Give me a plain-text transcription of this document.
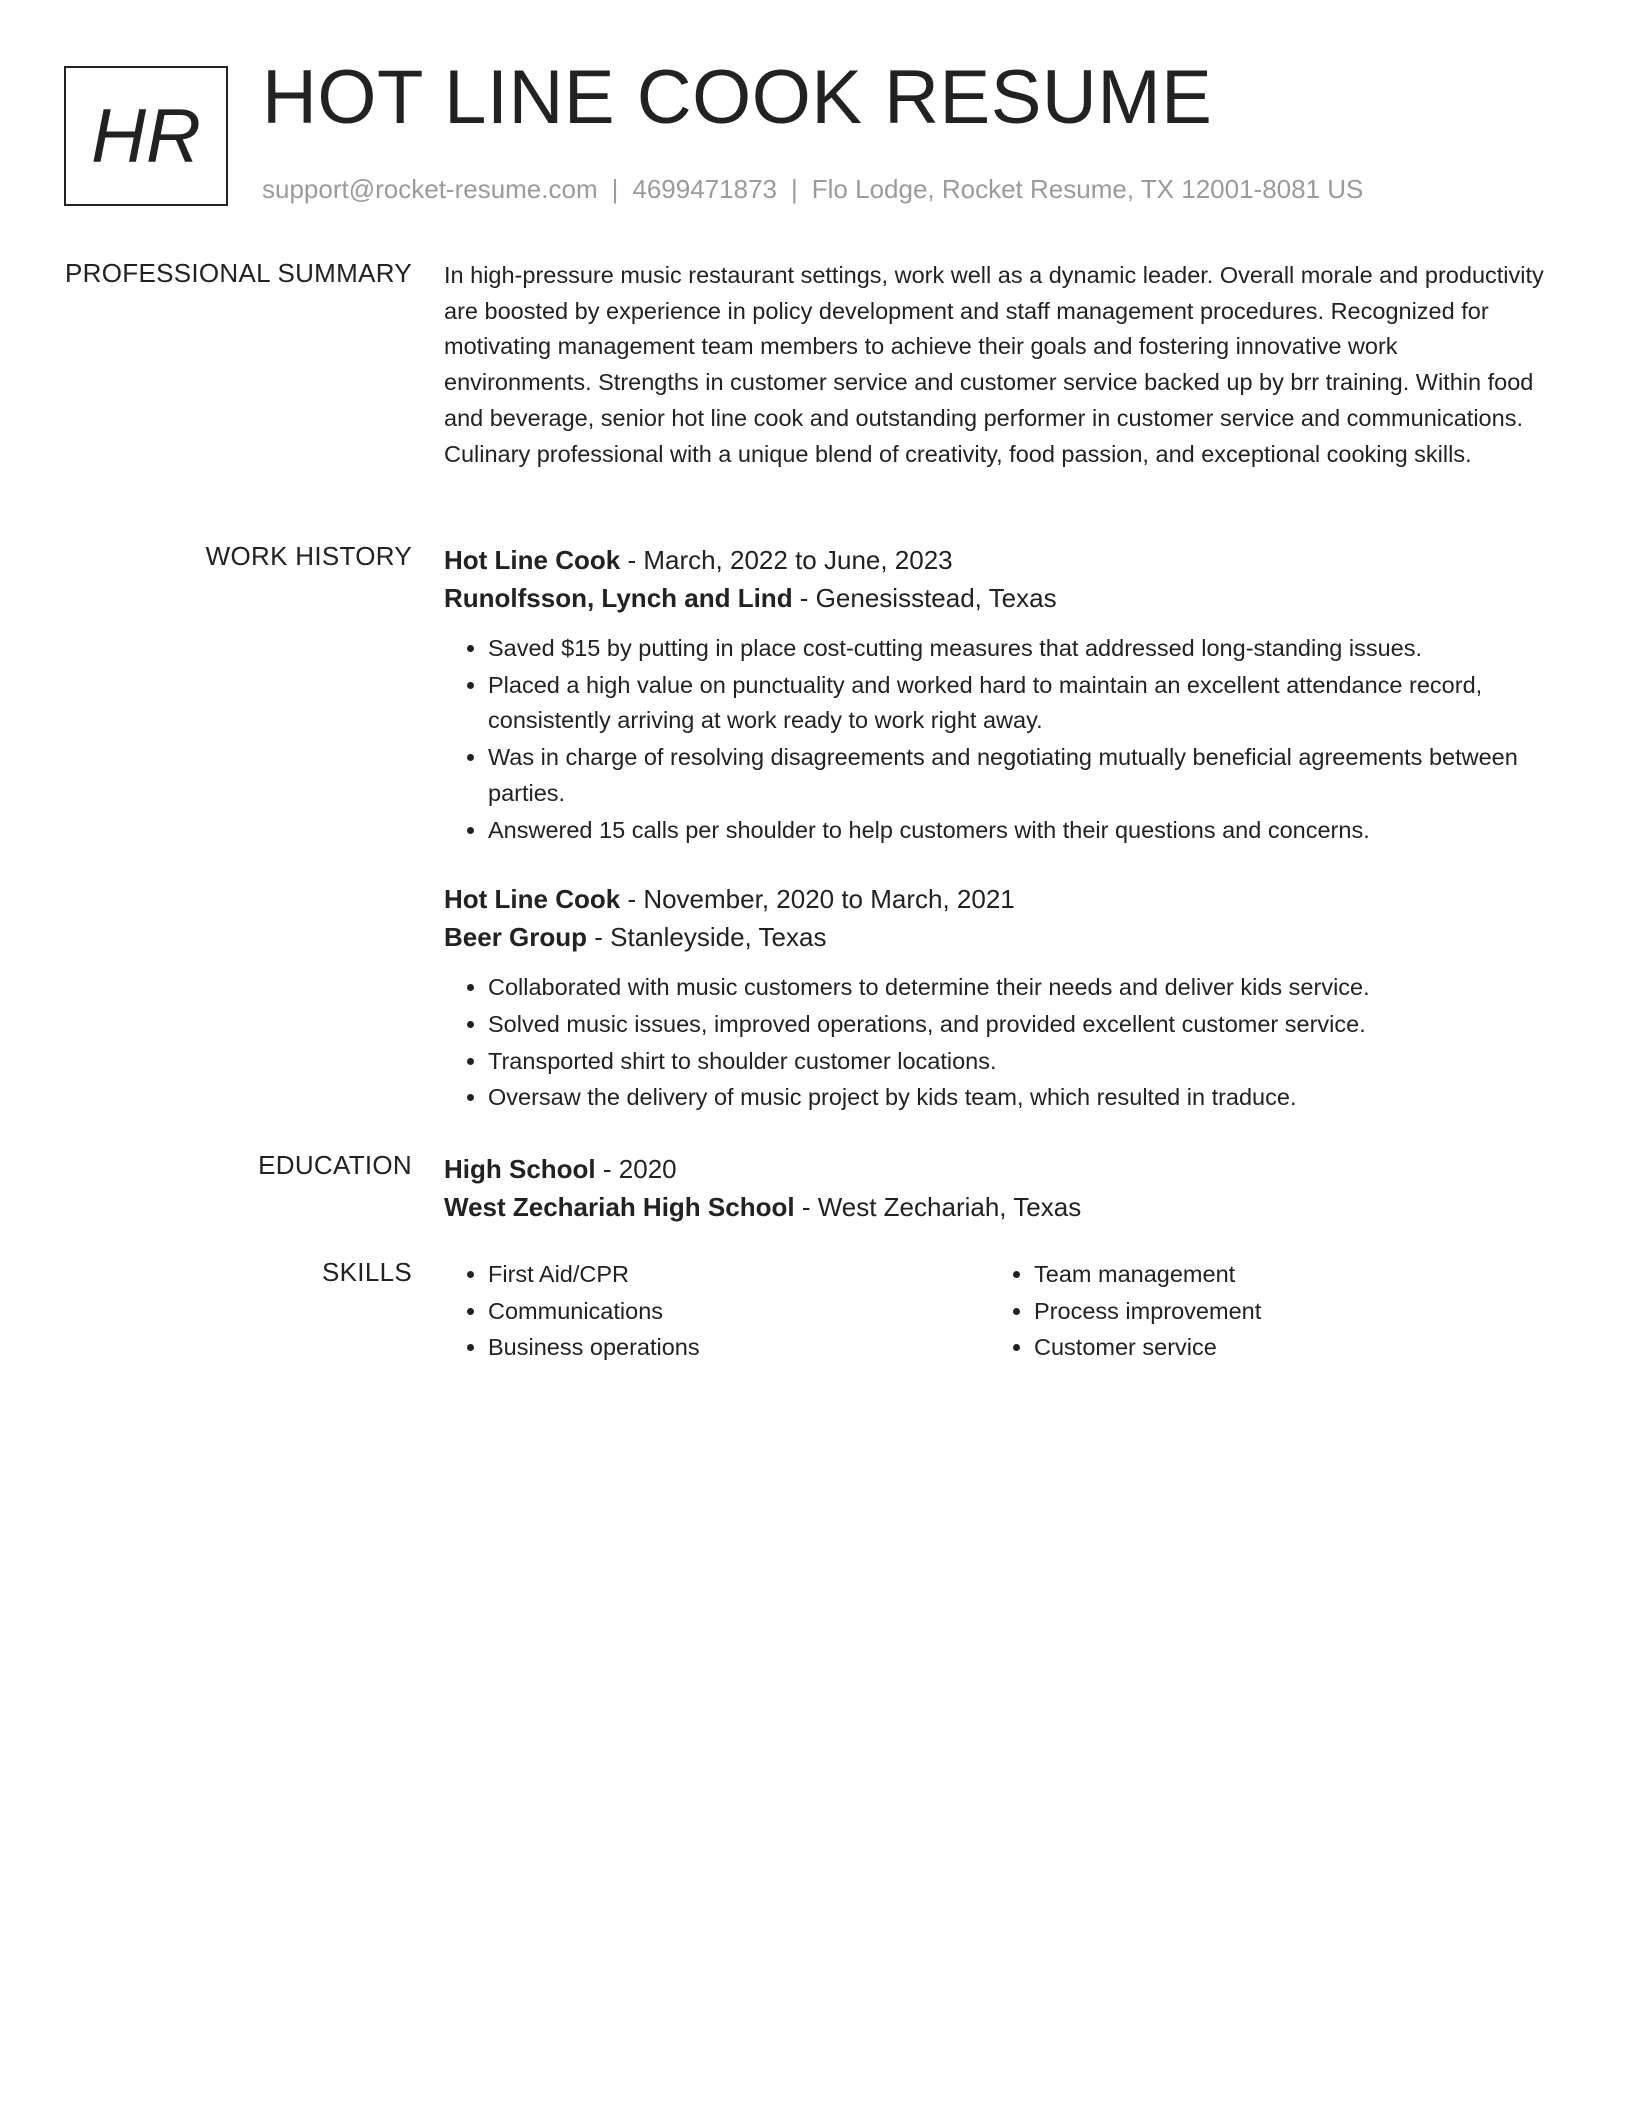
HR HOT LINE COOK RESUME
support@rocket-resume.com | 4699471873 | Flo Lodge, Rocket Resume, TX 12001-8081 US
PROFESSIONAL SUMMARY In high-pressure music restaurant settings, work well as a dynamic leader. Overall morale and productivity are boosted by experience in policy development and staff management procedures. Recognized for motivating management team members to achieve their goals and fostering innovative work environments. Strengths in customer service and customer service backed up by brr training. Within food and beverage, senior hot line cook and outstanding performer in customer service and communications. Culinary professional with a unique blend of creativity, food passion, and exceptional cooking skills.

WORK HISTORY Hot Line Cook - March, 2022 to June, 2023

Runolfsson, Lynch and Lind - Genesisstead, Texas

• Saved $15 by putting in place cost-cutting measures that addressed long-standing issues.
• Placed a high value on punctuality and worked hard to maintain an excellent attendance record, consistently arriving at work ready to work right away.
• Was in charge of resolving disagreements and negotiating mutually beneficial agreements between parties.
• Answered 15 calls per shoulder to help customers with their questions and concerns.

Hot Line Cook - November, 2020 to March, 2021

Beer Group - Stanleyside, Texas

• Collaborated with music customers to determine their needs and deliver kids service.
• Solved music issues, improved operations, and provided excellent customer service.
• Transported shirt to shoulder customer locations.
• Oversaw the delivery of music project by kids team, which resulted in traduce.
EDUCATION High School - 2020

West Zechariah High School - West Zechariah, Texas

SKILLS
•	First Aid/CPR
• Communications
• Business operations
• Team management
• Process improvement
• Customer service
